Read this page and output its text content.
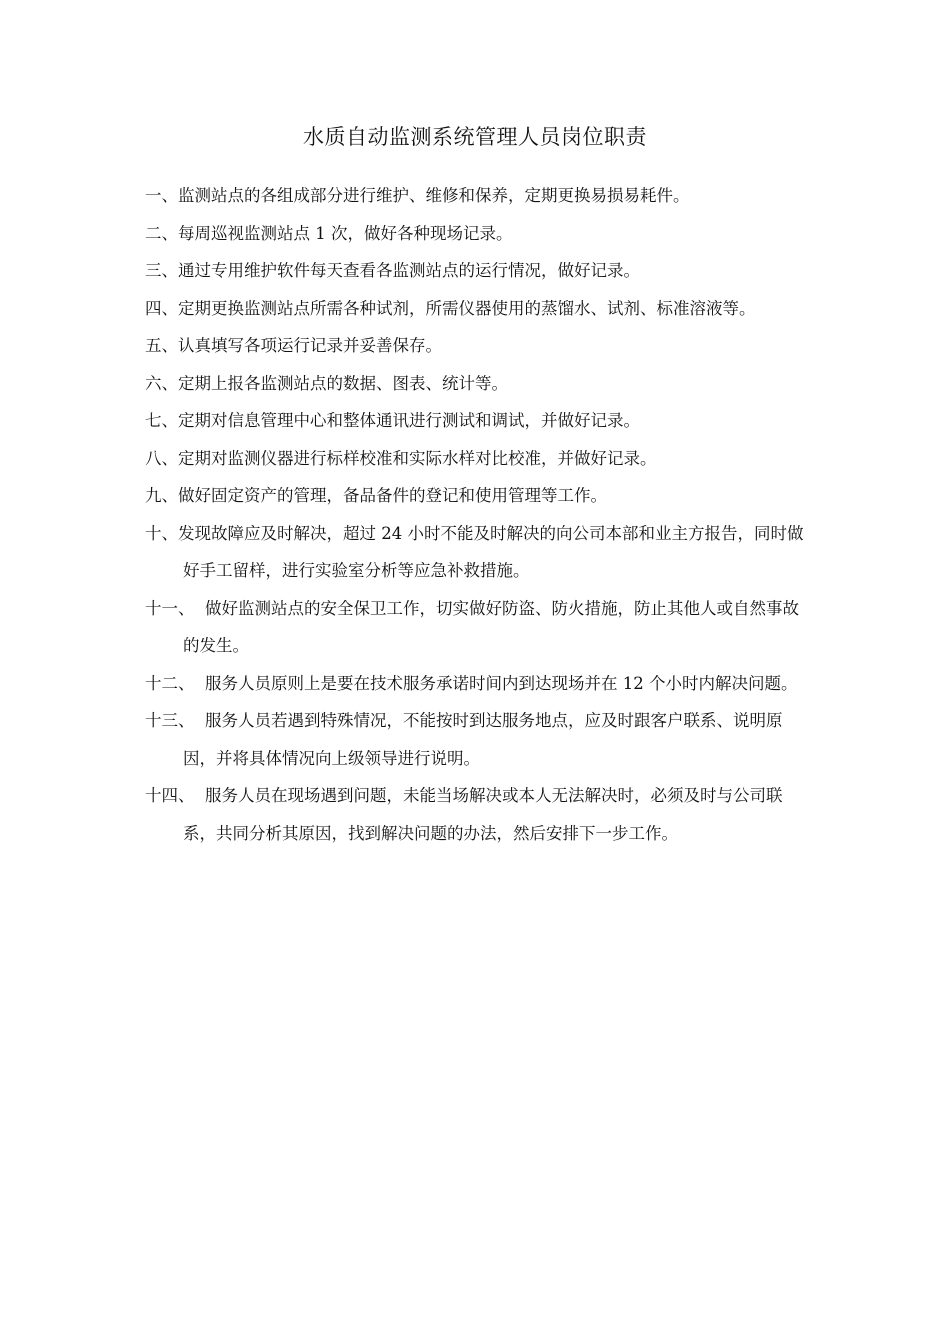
水质自动监测系统管理人员岗位职责
一、监测站点的各组成部分进行维护、维修和保养，定期更换易损易耗件。
二、每周巡视监测站点 1 次，做好各种现场记录。
三、通过专用维护软件每天查看各监测站点的运行情况，做好记录。
四、定期更换监测站点所需各种试剂，所需仪器使用的蒸馏水、试剂、标准溶液等。
五、认真填写各项运行记录并妥善保存。
六、定期上报各监测站点的数据、图表、统计等。
七、定期对信息管理中心和整体通讯进行测试和调试，并做好记录。
八、定期对监测仪器进行标样校准和实际水样对比校准，并做好记录。
九、做好固定资产的管理，备品备件的登记和使用管理等工作。
十、发现故障应及时解决，超过 24 小时不能及时解决的向公司本部和业主方报告，同时做好手工留样，进行实验室分析等应急补救措施。
十一、  做好监测站点的安全保卫工作，切实做好防盗、防火措施，防止其他人或自然事故的发生。
十二、  服务人员原则上是要在技术服务承诺时间内到达现场并在 12 个小时内解决问题。
十三、  服务人员若遇到特殊情况，不能按时到达服务地点，应及时跟客户联系、说明原因，并将具体情况向上级领导进行说明。
十四、  服务人员在现场遇到问题，未能当场解决或本人无法解决时，必须及时与公司联系，共同分析其原因，找到解决问题的办法，然后安排下一步工作。
